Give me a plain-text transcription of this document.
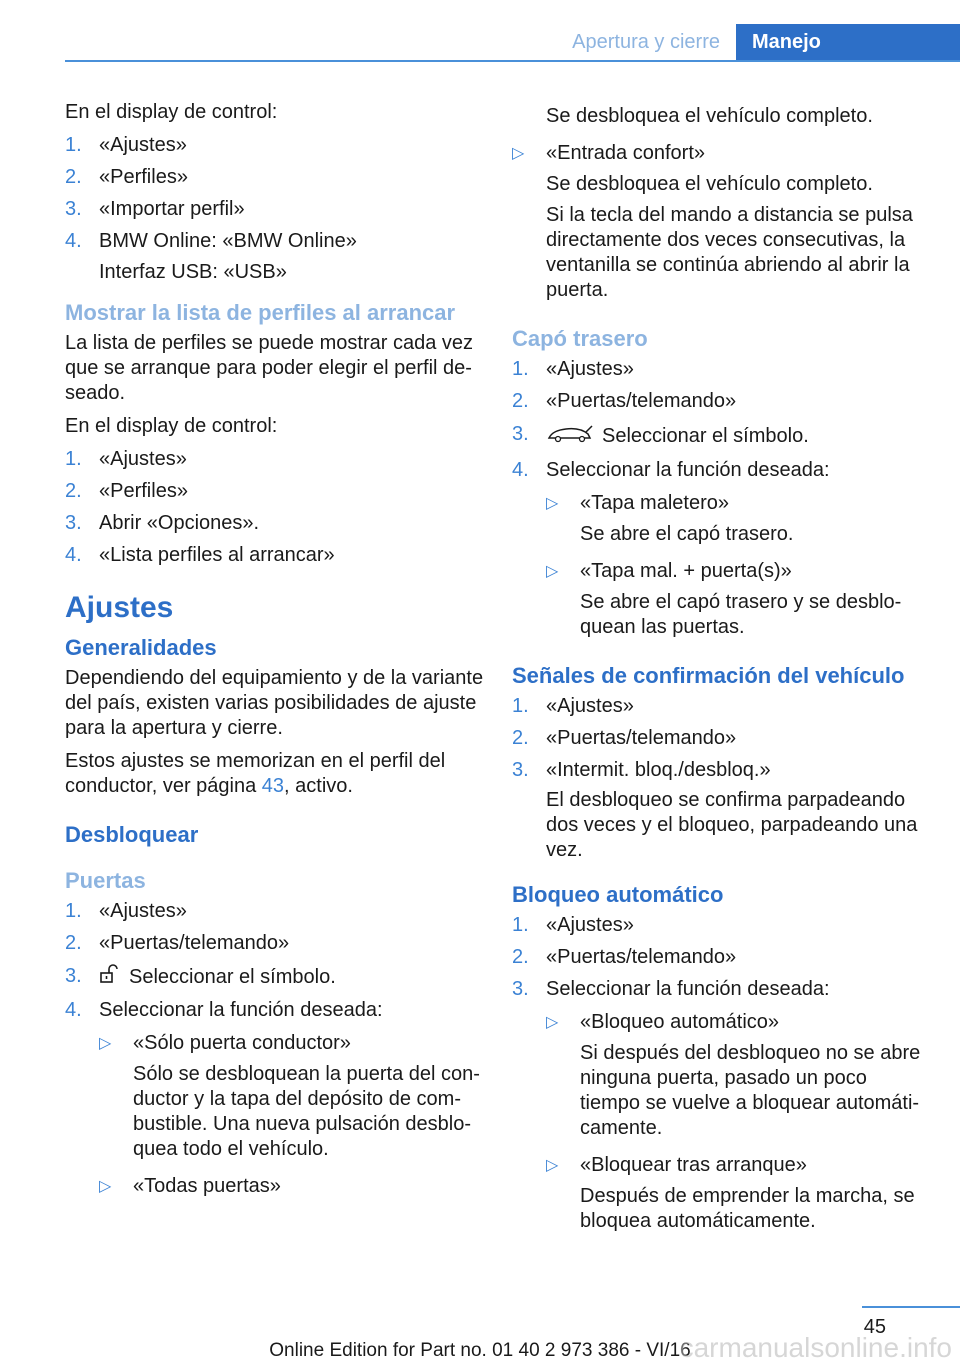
Apertura y cierre	Manejo

En el display de control:

1. «Ajustes»
2. «Perfiles»
3. «Importar perfil»
4. BMW Online: «BMW Online»
Interfaz USB: «USB»
Mostrar la lista de perfiles al arrancar

La lista de perfiles se puede mostrar cada vez que se arranque para poder elegir el perfil deseado.

En el display de control:

1. «Ajustes»
2. «Perfiles»
3. Abrir «Opciones».
4. «Lista perfiles al arrancar»
Ajustes
Generalidades

Dependiendo del equipamiento y de la variante del país, existen varias posibilidades de ajuste para la apertura y cierre.

Estos ajustes se memorizan en el perfil del conductor, ver página 43, activo.

Desbloquear
Puertas
1. «Ajustes»
2. «Puertas/telemando»
3. Seleccionar el símbolo.
4. Seleccionar la función deseada:
▷ «Sólo puerta conductor»
Sólo se desbloquean la puerta del conductor y la tapa del depósito de combustible. Una nueva pulsación desbloquea todo el vehículo.
▷ «Todas puertas»
Se desbloquea el vehículo completo.
▷ «Entrada confort»
Se desbloquea el vehículo completo.
Si la tecla del mando a distancia se pulsa directamente dos veces consecutivas, la ventanilla se continúa abriendo al abrir la puerta.
Capó trasero
1. «Ajustes»
2. «Puertas/telemando»
3.	Seleccionar el símbolo.
4. Seleccionar la función deseada:
▷ «Tapa maletero»
Se abre el capó trasero.
▷ «Tapa mal. + puerta(s)»
Se abre el capó trasero y se desbloquean las puertas.
Señales de confirmación del vehículo
1. «Ajustes»
2. «Puertas/telemando»
3. «Intermit. bloq./desbloq.»
El desbloqueo se confirma parpadeando dos veces y el bloqueo, parpadeando una vez.
Bloqueo automático
1. «Ajustes»
2. «Puertas/telemando»
3. Seleccionar la función deseada:
▷ «Bloqueo automático»
Si después del desbloqueo no se abre ninguna puerta, pasado un poco tiempo se vuelve a bloquear automáticamente.
▷ «Bloquear tras arranque»
Después de emprender la marcha, se bloquea automáticamente.
45
Online Edition for Part no. 01 40 2 973 386 - VI/16
carmanualsonline.info
